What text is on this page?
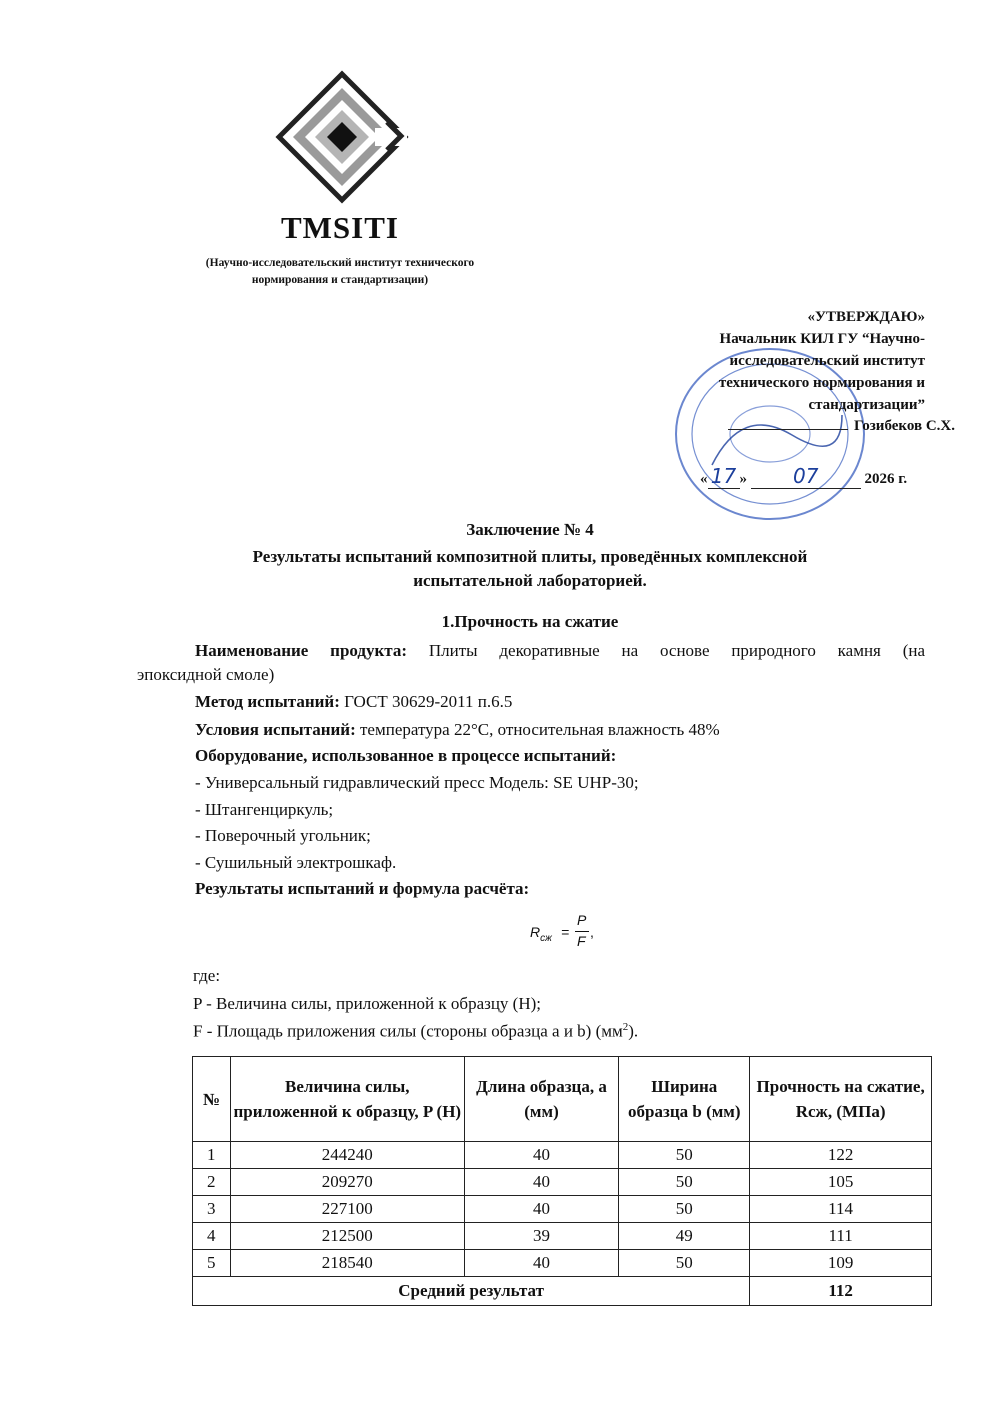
TMSITI
(Научно-исследовательский институт технического
нормирования и стандартизации)
«УТВЕРЖДАЮ»
Начальник КИЛ ГУ “Научно-
исследовательский институт
технического нормирования и
стандартизации”
Гозибеков С.Х.
« 17 » 07	2026 г.
Заключение № 4
Результаты испытаний композитной плиты, проведённых комплексной
испытательной лабораторией.
1.Прочность на сжатие
Наименование продукта: Плиты декоративные на основе природного камня (на
эпоксидной смоле)
Метод испытаний: ГОСТ 30629-2011 п.6.5
Условия испытаний: температура 22°C, относительная влажность 48%
Оборудование, использованное в процессе испытаний:
- Универсальный гидравлический пресс Модель: SE UHP-30;
- Штангенциркуль;
- Поверочный угольник;
- Сушильный электрошкаф.
Результаты испытаний и формула расчёта:
$R_{сж}$ =
P
F
,
где:
P - Величина силы, приложенной к образцу (Н);
F - Площадь приложения силы (стороны образца a и b) $(мм^2)$.
№	Величина силы, приложенной к образцу, P (Н)	Длина образца, a (мм)	Ширина образца b (мм)	Прочность на сжатие, Rсж, (МПа)
1	244240	40	50	122
2	209270	40	50	105
3	227100	40	50	114
4	212500	39	49	111
5	218540	40	50	109
Средний результат				112
